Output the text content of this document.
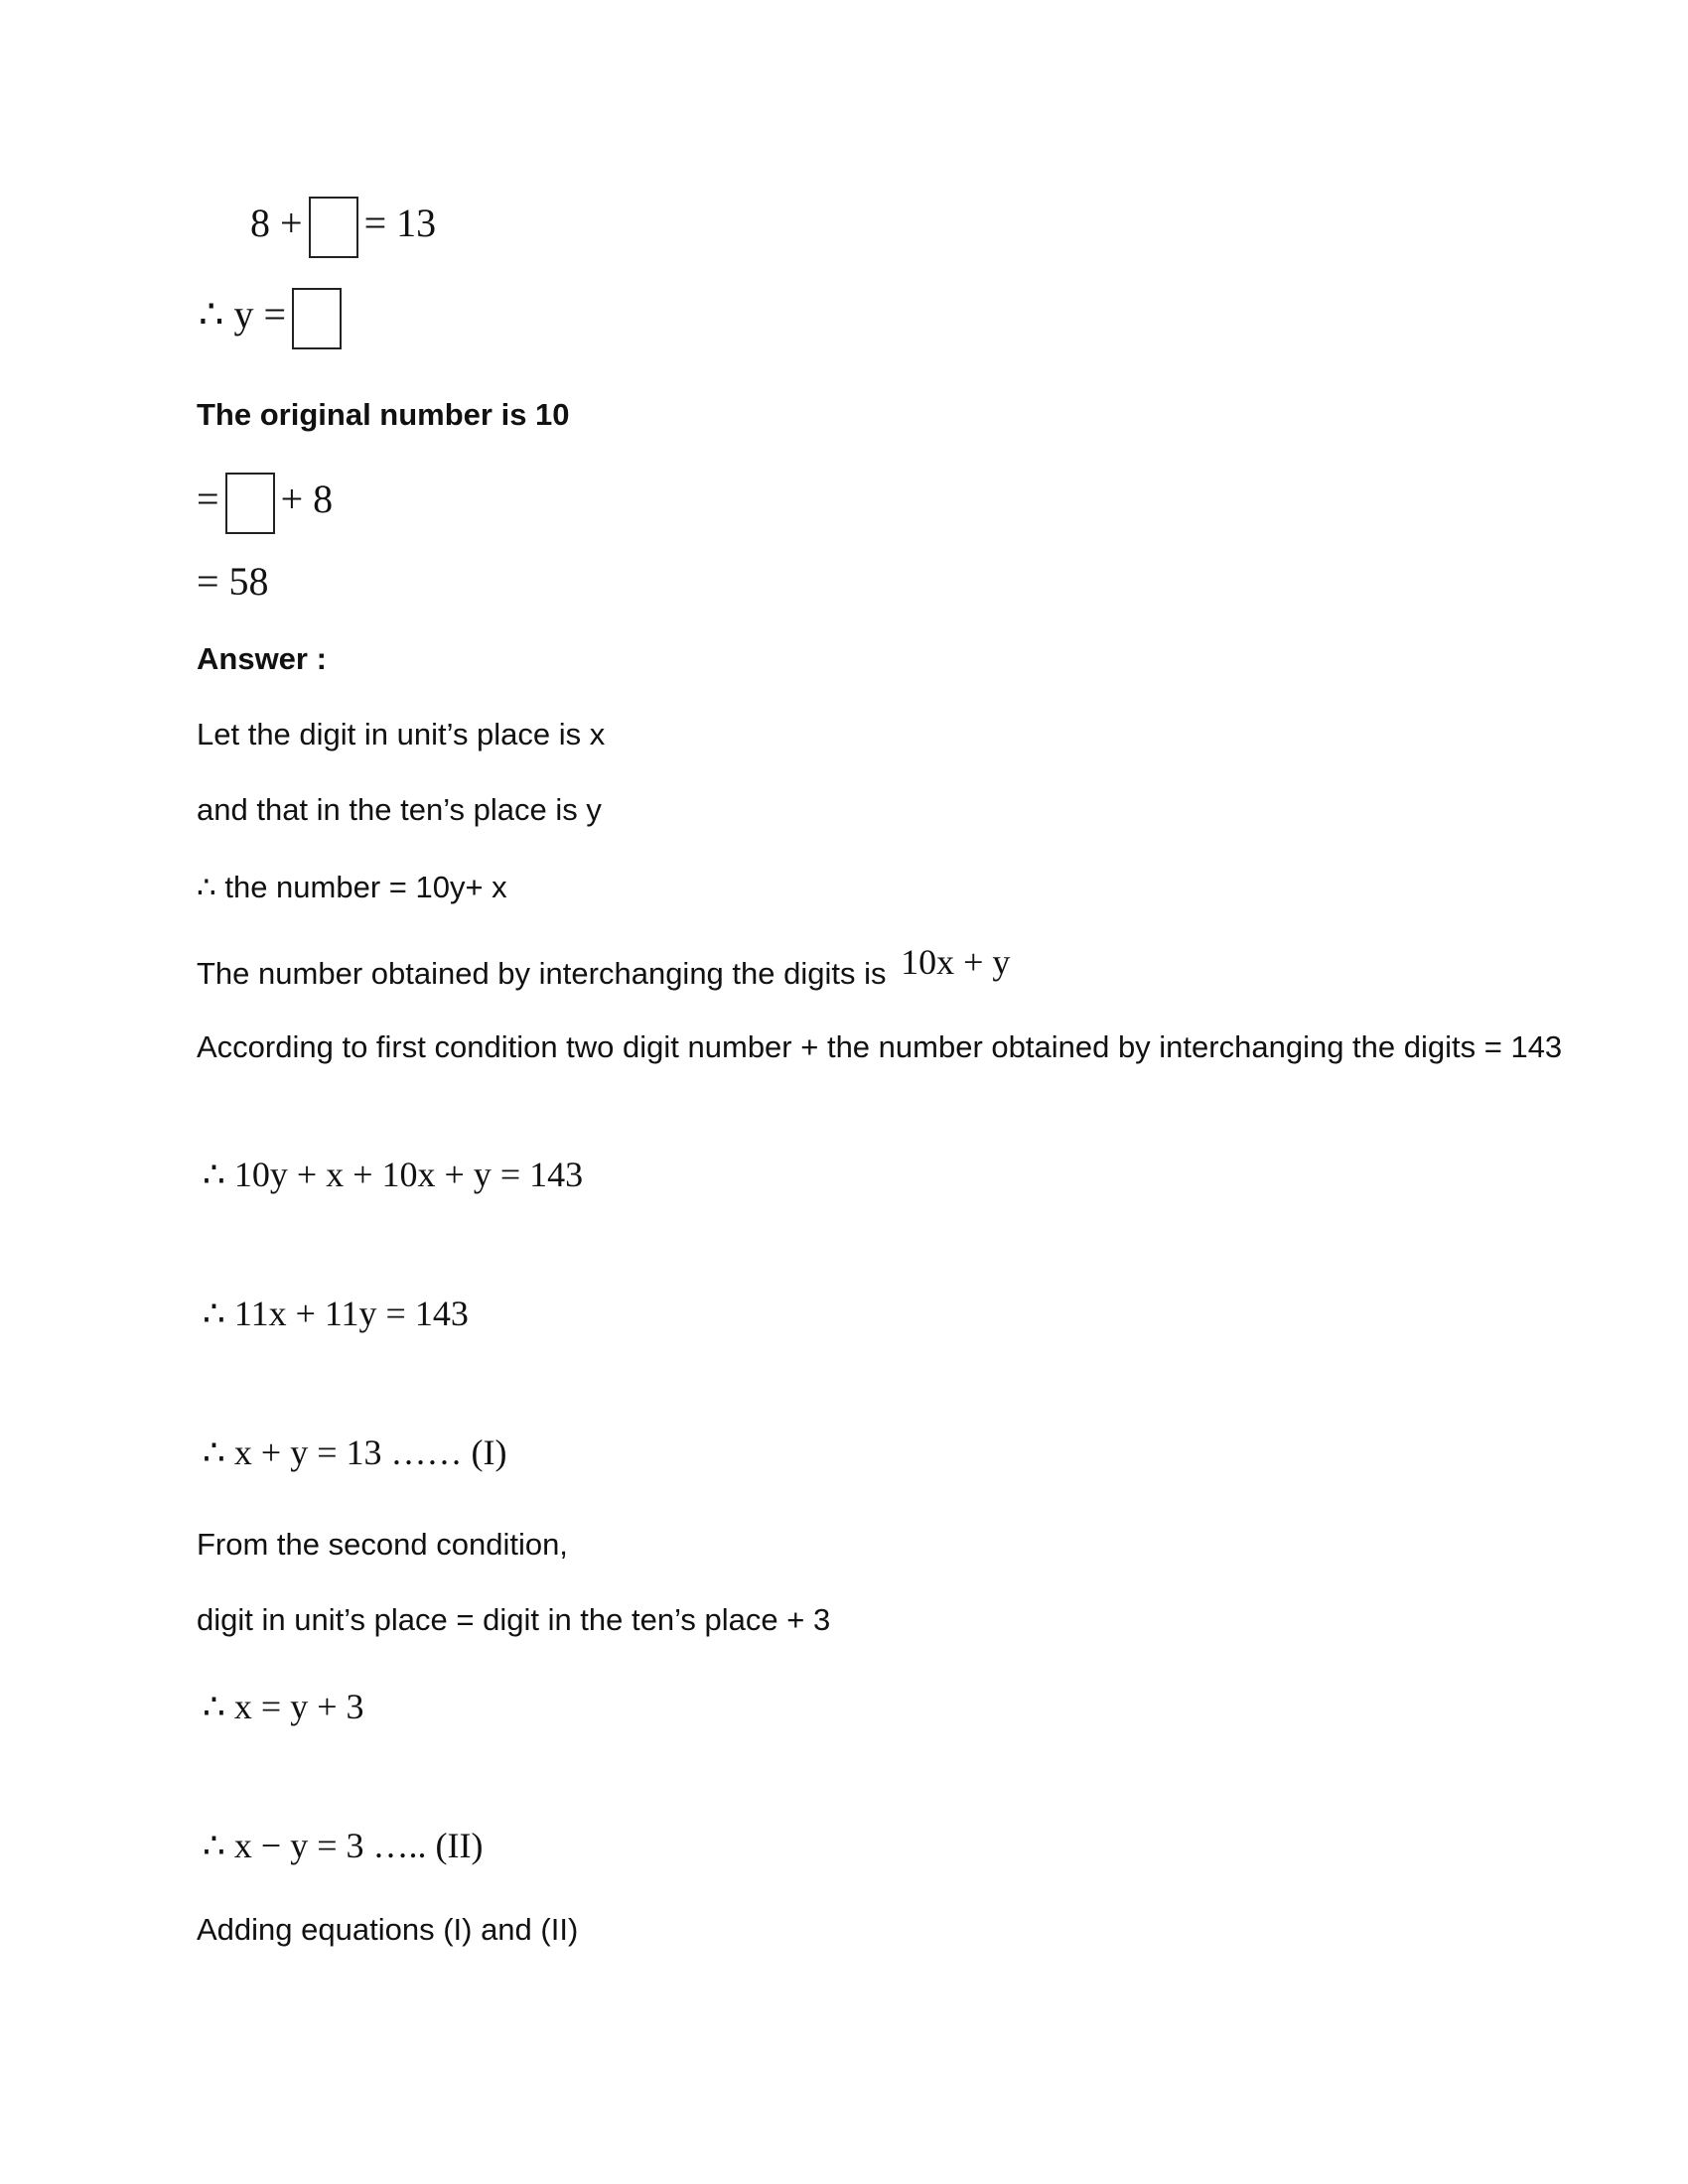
8 + = 13
∴ y =
The original number is 10
= + 8
= 58
Answer :
Let the digit in unit’s place is x
and that in the ten’s place is y
∴ the number = 10y+ x
The number obtained by interchanging the digits is 10x + y
According to first condition two digit number + the number obtained by interchanging the digits = 143
∴ 10y + x + 10x + y = 143
∴ 11x + 11y = 143
∴ x + y = 13 …… (I)
From the second condition,
digit in unit’s place = digit in the ten’s place + 3
∴ x = y + 3
∴ x − y = 3 ….. (II)
Adding equations (I) and (II)
